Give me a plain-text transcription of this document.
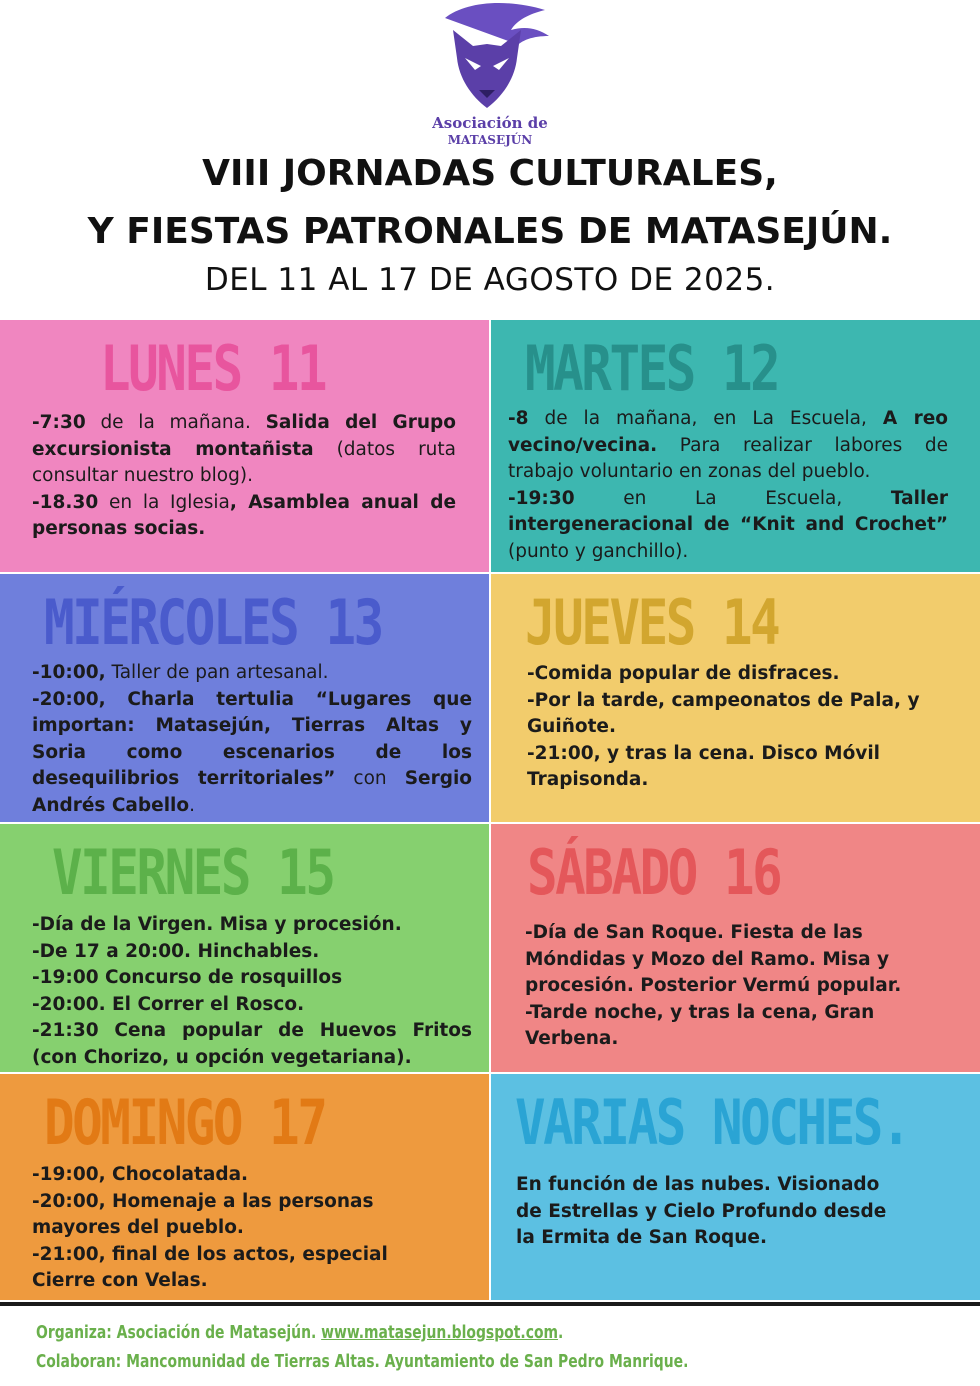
Asociación de
MATASEJÚN
VIII JORNADAS CULTURALES,
Y FIESTAS PATRONALES DE MATASEJÚN.
DEL 11 AL 17 DE AGOSTO DE 2025.
LUNES 11

-7:30 de la mañana. Salida del Grupo excursionista montañista (datos ruta consultar nuestro blog).

-18.30 en la Iglesia, Asamblea anual de personas socias.

MARTES 12

-8 de la mañana, en La Escuela, A reo vecino/vecina. Para realizar labores de trabajo voluntario en zonas del pueblo.

-19:30 en La Escuela, Taller intergeneracional de “Knit and Crochet” (punto y ganchillo).

MIÉRCOLES 13

-10:00, Taller de pan artesanal.

-20:00, Charla tertulia “Lugares que importan: Matasejún, Tierras Altas y Soria como escenarios de los desequilibrios territoriales” con Sergio Andrés Cabello.

JUEVES 14

-Comida popular de disfraces.

-Por la tarde, campeonatos de Pala, y Guiñote.

-21:00, y tras la cena. Disco Móvil Trapisonda.

VIERNES 15

-Día de la Virgen. Misa y procesión.

-De 17 a 20:00. Hinchables.

-19:00 Concurso de rosquillos

-20:00. El Correr el Rosco.

-21:30 Cena popular de Huevos Fritos (con Chorizo, u opción vegetariana).

SÁBADO 16

-Día de San Roque. Fiesta de las Móndidas y Mozo del Ramo. Misa y procesión. Posterior Vermú popular.

-Tarde noche, y tras la cena, Gran Verbena.

DOMINGO 17

-19:00, Chocolatada.

-20:00, Homenaje a las personas mayores del pueblo.

-21:00, final de los actos, especial Cierre con Velas.

VARIAS NOCHES.

En función de las nubes. Visionado de Estrellas y Cielo Profundo desde la Ermita de San Roque.

Organiza: Asociación de Matasejún. www.matasejun.blogspot.com.
Colaboran: Mancomunidad de Tierras Altas. Ayuntamiento de San Pedro Manrique.
